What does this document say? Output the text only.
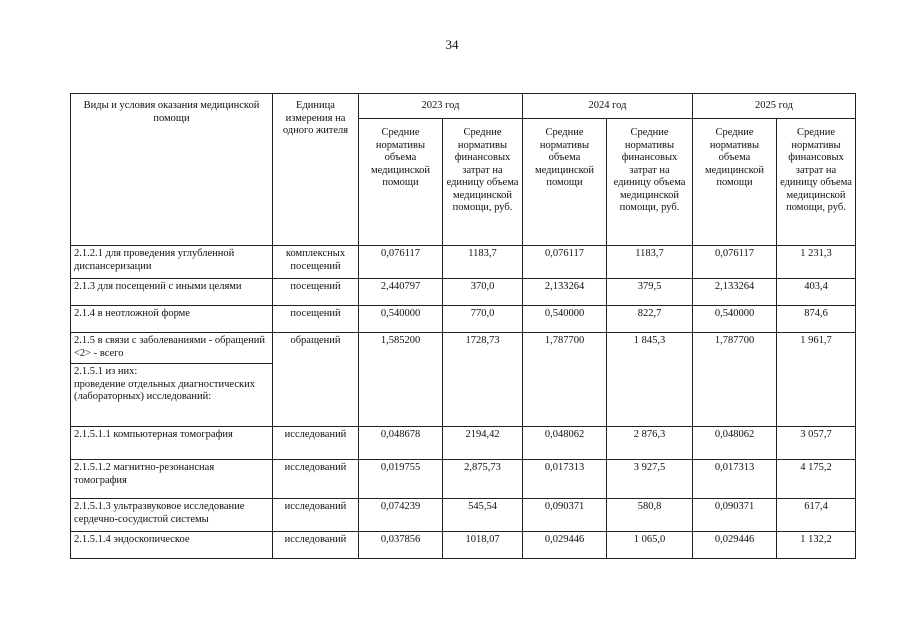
34
Виды и условия оказания медицинской помощи	Единица измерения на одного жителя	2023 год		2024 год		2025 год	
		Средние нормативы объема медицинской помощи	Средние нормативы финансовых затрат на единицу объема медицинской помощи, руб.	Средние нормативы объема медицинской помощи	Средние нормативы финансовых затрат на единицу объема медицинской помощи, руб.	Средние нормативы объема медицинской помощи	Средние нормативы финансовых затрат на единицу объема медицинской помощи, руб.
2.1.2.1 для проведения углубленной диспансеризации	комплексных посещений	0,076117	1183,7	0,076117	1183,7	0,076117	1 231,3
2.1.3 для посещений с иными целями	посещений	2,440797	370,0	2,133264	379,5	2,133264	403,4
2.1.4 в неотложной форме	посещений	0,540000	770,0	0,540000	822,7	0,540000	874,6
2.1.5 в связи с заболеваниями - обращений <2> - всего	обращений	1,585200	1728,73	1,787700	1 845,3	1,787700	1 961,7
2.1.5.1 из них:
проведение отдельных диагностических (лабораторных) исследований:							
2.1.5.1.1 компьютерная томография	исследований	0,048678	2194,42	0,048062	2 876,3	0,048062	3 057,7
2.1.5.1.2 магнитно-резонансная томография	исследований	0,019755	2,875,73	0,017313	3 927,5	0,017313	4 175,2
2.1.5.1.3 ультразвуковое исследование сердечно-сосудистой системы	исследований	0,074239	545,54	0,090371	580,8	0,090371	617,4
2.1.5.1.4 эндоскопическое	исследований	0,037856	1018,07	0,029446	1 065,0	0,029446	1 132,2
